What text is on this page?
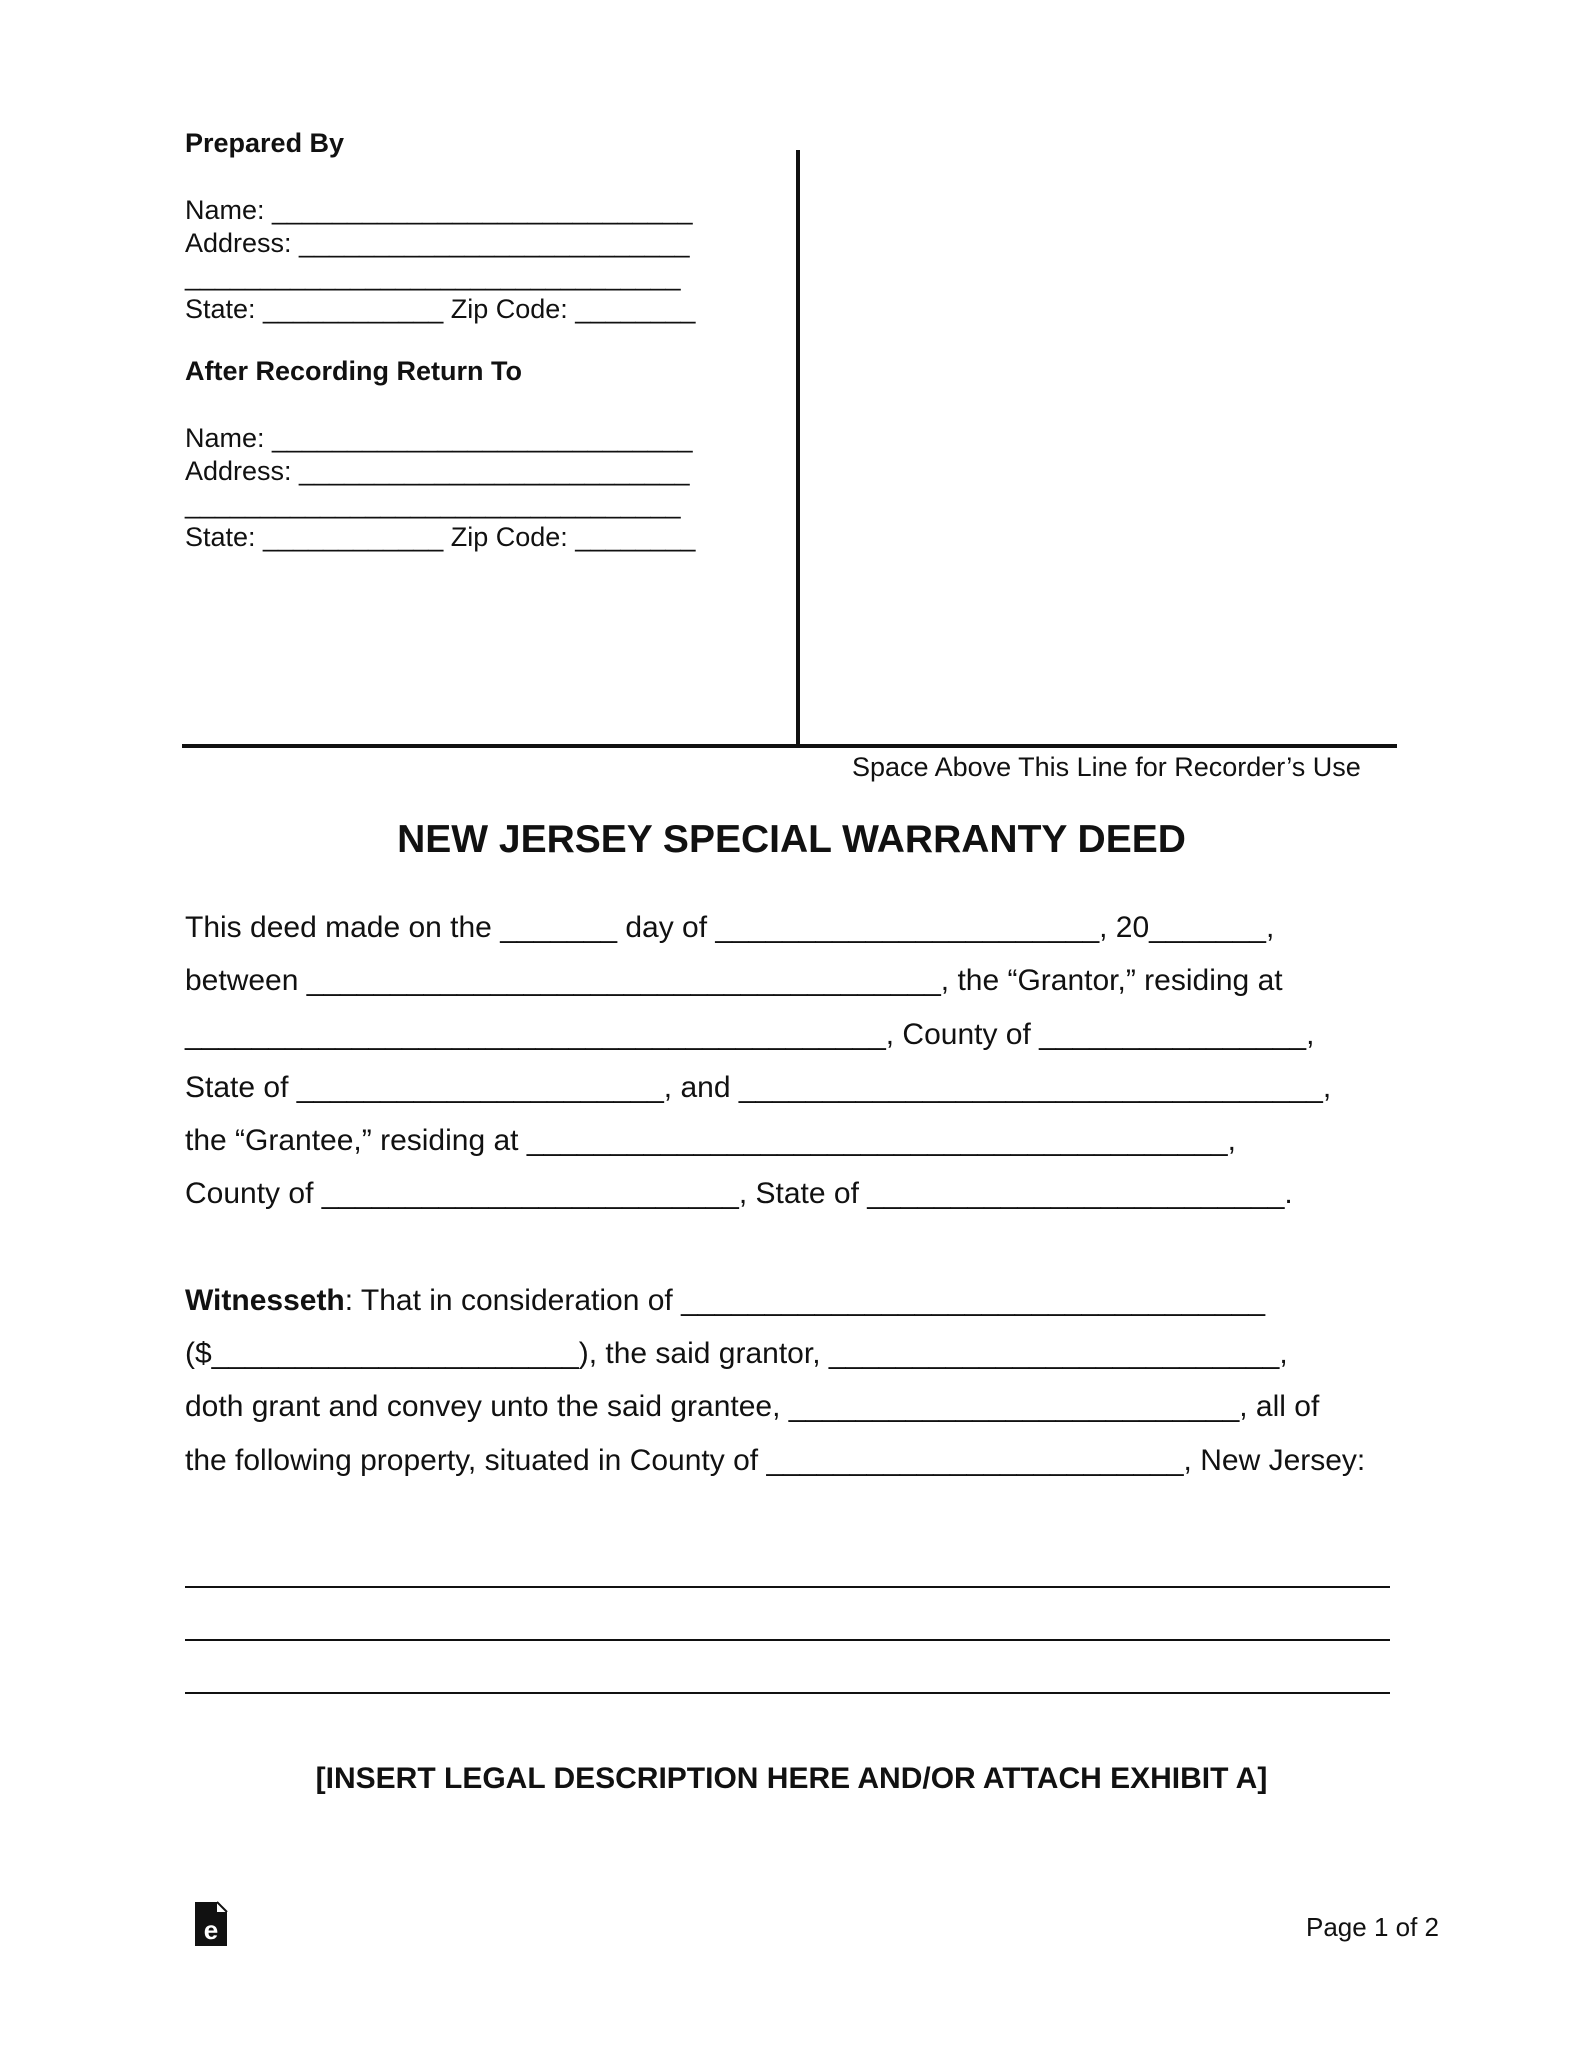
Prepared By
Name: ____________________________
Address: __________________________
_________________________________
State: ____________ Zip Code: ________
After Recording Return To
Name: ____________________________
Address: __________________________
_________________________________
State: ____________ Zip Code: ________
Space Above This Line for Recorder’s Use
NEW JERSEY SPECIAL WARRANTY DEED
This deed made on the _______ day of _______________________, 20_______,
between ______________________________________, the “Grantor,” residing at
__________________________________________, County of ________________,
State of ______________________, and ___________________________________,
the “Grantee,” residing at __________________________________________,
County of _________________________, State of _________________________.
Witnesseth: That in consideration of ___________________________________
($______________________), the said grantor, ___________________________,
doth grant and convey unto the said grantee, ___________________________, all of
the following property, situated in County of _________________________, New Jersey:
[INSERT LEGAL DESCRIPTION HERE AND/OR ATTACH EXHIBIT A]
e	Page 1 of 2
